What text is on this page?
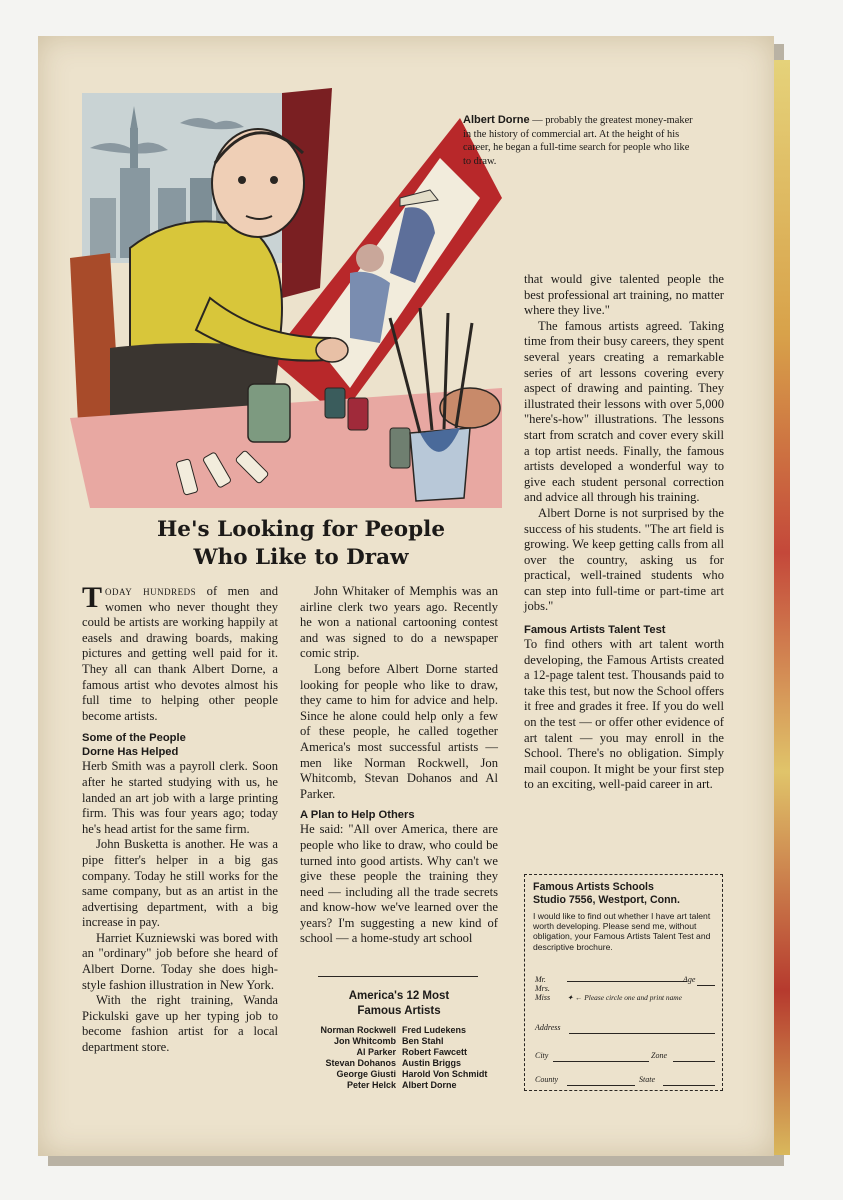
Albert Dorne — probably the greatest money-maker in the history of commercial art. At the height of his career, he began a full-time search for people who like to draw.
He's Looking for People
Who Like to Draw

Today hundreds of men and women who never thought they could be artists are working happily at easels and drawing boards, making pictures and getting well paid for it. They all can thank Albert Dorne, a famous artist who devotes almost his full time to helping other people become artists.

Some of the People
Dorne Has Helped

Herb Smith was a payroll clerk. Soon after he started studying with us, he landed an art job with a large printing firm. This was four years ago; today he's head artist for the same firm.

John Busketta is another. He was a pipe fitter's helper in a big gas company. Today he still works for the same company, but as an artist in the advertising department, with a big increase in pay.

Harriet Kuzniewski was bored with an "ordinary" job before she heard of Albert Dorne. Today she does high-style fashion illustration in New York.

With the right training, Wanda Pickulski gave up her typing job to become fashion artist for a local department store.

John Whitaker of Memphis was an airline clerk two years ago. Recently he won a national cartooning contest and was signed to do a newspaper comic strip.

Long before Albert Dorne started looking for people who like to draw, they came to him for advice and help. Since he alone could help only a few of these people, he called together America's most successful artists — men like Norman Rockwell, Jon Whitcomb, Stevan Dohanos and Al Parker.

A Plan to Help Others

He said: "All over America, there are people who like to draw, who could be turned into good artists. Why can't we give these people the training they need — including all the trade secrets and know-how we've learned over the years? I'm suggesting a new kind of school — a home-study art school

America's 12 Most
Famous Artists
Norman Rockwell Fred Ludekens
Jon Whitcomb Ben Stahl
Al Parker Robert Fawcett
Stevan Dohanos Austin Briggs
George Giusti Harold Von Schmidt
Peter Helck Albert Dorne

that would give talented people the best professional art training, no matter where they live."

The famous artists agreed. Taking time from their busy careers, they spent several years creating a remarkable series of art lessons covering every aspect of drawing and painting. They illustrated their lessons with over 5,000 "here's-how" illustrations. The lessons start from scratch and cover every skill a top artist needs. Finally, the famous artists developed a wonderful way to give each student personal correction and advice all through his training.

Albert Dorne is not surprised by the success of his students. "The art field is growing. We keep getting calls from all over the country, asking us for practical, well-trained students who can step into full-time or part-time art jobs."

Famous Artists Talent Test

To find others with art talent worth developing, the Famous Artists created a 12-page talent test. Thousands paid to take this test, but now the School offers it free and grades it free. If you do well on the test — or offer other evidence of art talent — you may enroll in the School. There's no obligation. Simply mail coupon. It might be your first step to an exciting, well-paid career in art.

Famous Artists Schools
Studio 7556, Westport, Conn.
I would like to find out whether I have art talent worth developing. Please send me, without obligation, your Famous Artists Talent Test and descriptive brochure.
Mr.
Mrs.
Miss ✦ ← Please circle one and print name
Age
Address
City	Zone
County	State
